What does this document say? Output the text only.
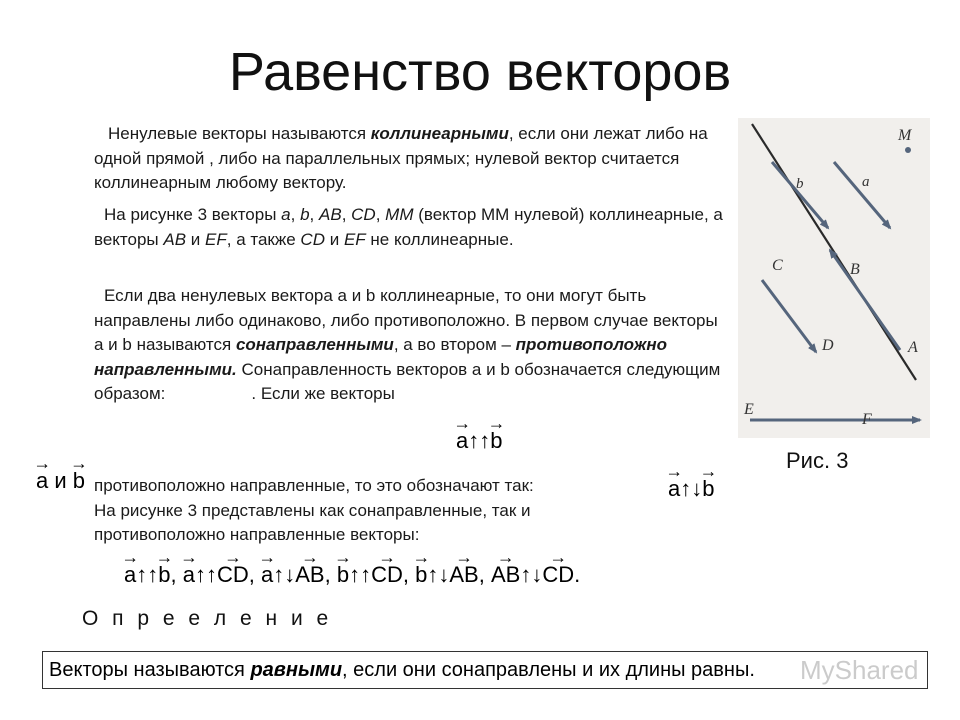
Равенство векторов
Ненулевые векторы называются коллинеарными, если они лежат либо на одной прямой , либо на параллельных прямых; нулевой вектор считается коллинеарным любому вектору.
На рисунке 3 векторы a, b, AB, CD, MM (вектор MM нулевой) коллинеарные, а векторы AB и EF, а также CD и EF не коллинеарные.
Если два ненулевых вектора a и b коллинеарные, то они могут быть направлены либо одинаково, либо противоположно. В первом случае векторы a и b называются сонаправленными, а во втором – противоположно направленными. Сонаправленность векторов a и b обозначается следующим образом:	. Если же векторы
→ a↑↑→ b
→ a и → b противоположно направленные, то это обозначают так:
На рисунке 3 представлены как сонаправленные, так и противоположно направленные векторы:
→ a↑↓→ b
→ a↑↑→ b, → a↑↑→ CD, → a↑↓→ AB, → b↑↑→ CD, → b↑↓→ AB, → AB↑↓→ CD.
M
a
b
B
C
D	A
E
F
Рис. 3
О п р е е л е н и е
Векторы называются равными, если они сонаправлены и их длины равны.	MyShared
